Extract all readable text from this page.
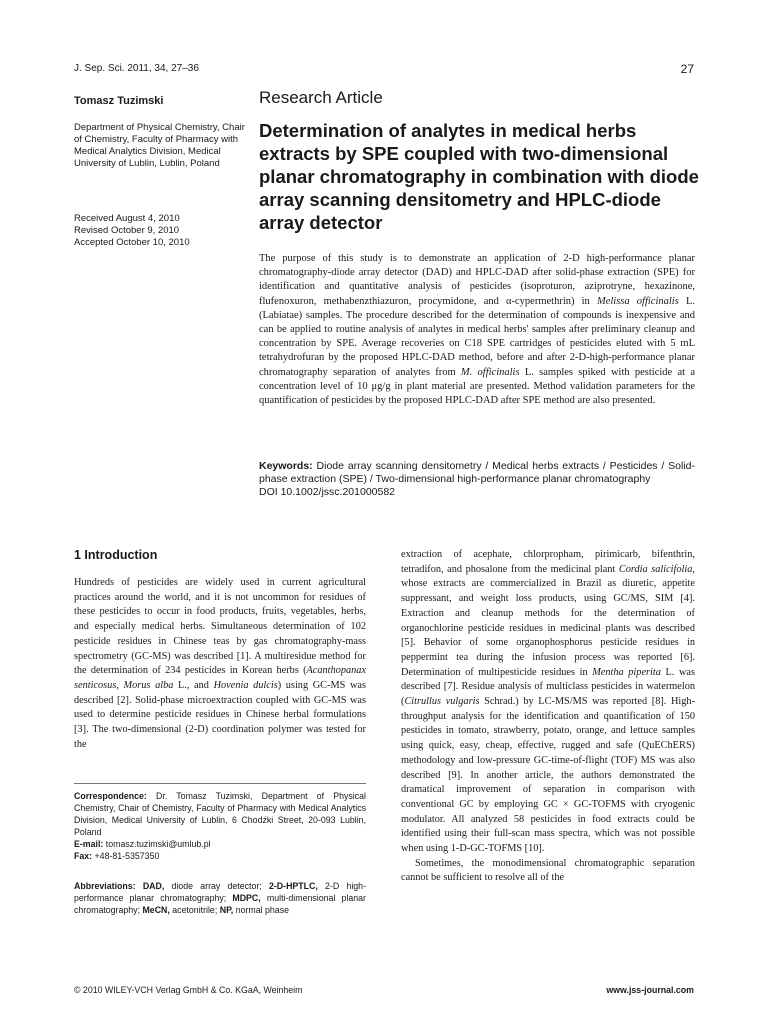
J. Sep. Sci. 2011, 34, 27–36	27
Tomasz Tuzimski
Department of Physical Chemistry, Chair of Chemistry, Faculty of Pharmacy with Medical Analytics Division, Medical University of Lublin, Lublin, Poland
Received August 4, 2010
Revised October 9, 2010
Accepted October 10, 2010
Research Article
Determination of analytes in medical herbs extracts by SPE coupled with two-dimensional planar chromatography in combination with diode array scanning densitometry and HPLC-diode array detector

The purpose of this study is to demonstrate an application of 2-D high-performance planar chromatography-diode array detector (DAD) and HPLC-DAD after solid-phase extraction (SPE) for identification and quantitative analysis of pesticides (isoproturon, aziprotryne, hexazinone, flufenoxuron, methabenzthiazuron, procymidone, and α-cypermethrin) in Melissa officinalis L. (Labiatae) samples. The procedure described for the determination of compounds is inexpensive and can be applied to routine analysis of analytes in medical herbs' samples after preliminary cleanup and concentration by SPE. Average recoveries on C18 SPE cartridges of pesticides eluted with 5 mL tetrahydrofuran by the proposed HPLC-DAD method, before and after 2-D-high-performance planar chromatography separation of analytes from M. officinalis L. samples spiked with pesticide at a concentration level of 10 μg/g in plant material are presented. Method validation parameters for the quantification of pesticides by the proposed HPLC-DAD after SPE method are also presented.

Keywords: Diode array scanning densitometry / Medical herbs extracts / Pesticides / Solid-phase extraction (SPE) / Two-dimensional high-performance planar chromatography
DOI 10.1002/jssc.201000582
1 Introduction

Hundreds of pesticides are widely used in current agricultural practices around the world, and it is not uncommon for residues of these pesticides to occur in food products, fruits, vegetables, herbs, and especially medical herbs. Simultaneous determination of 102 pesticide residues in Chinese teas by gas chromatography-mass spectrometry (GC-MS) was described [1]. A multiresidue method for the determination of 234 pesticides in Korean herbs (Acanthopanax senticosus, Morus alba L., and Hovenia dulcis) using GC-MS was described [2]. Solid-phase microextraction coupled with GC-MS was used to determine pesticide residues in Chinese herbal formulations [3]. The two-dimensional (2-D) coordination polymer was tested for the

extraction of acephate, chlorpropham, pirimicarb, bifenthrin, tetradifon, and phosalone from the medicinal plant Cordia salicifolia, whose extracts are commercialized in Brazil as diuretic, appetite suppressant, and weight loss products, using GC/MS, SIM [4]. Extraction and cleanup methods for the determination of organochlorine pesticide residues in medicinal plants was described [5]. Behavior of some organophosphorus pesticide residues in peppermint tea during the infusion process was reported [6]. Determination of multipesticide residues in Mentha piperita L. was described [7]. Residue analysis of multiclass pesticides in watermelon (Citrullus vulgaris Schrad.) by LC-MS/MS was reported [8]. High-throughput analysis for the identification and quantification of 150 pesticides in tomato, strawberry, potato, orange, and lettuce samples using quick, easy, cheap, effective, rugged and safe (QuEChERS) methodology and low-pressure GC-time-of-flight (TOF) MS was also described [9]. In another article, the authors demonstrated the dramatical improvement of separation in comparison with conventional GC by employing GC × GC-TOFMS with cryogenic modulator. All analyzed 58 pesticides in food extracts could be identified using their full-scan mass spectra, which was not possible when using 1-D-GC-TOFMS [10].

Sometimes, the monodimensional chromatographic separation cannot be sufficient to resolve all of the

Correspondence: Dr. Tomasz Tuzimski, Department of Physical Chemistry, Chair of Chemistry, Faculty of Pharmacy with Medical Analytics Division, Medical University of Lublin, 6 Chodźki Street, 20-093 Lublin, Poland
E-mail: tomasz.tuzimski@umlub.pl
Fax: +48-81-5357350
Abbreviations: DAD, diode array detector; 2-D-HPTLC, 2-D high-performance planar chromatography; MDPC, multi-dimensional planar chromatography; MeCN, acetonitrile; NP, normal phase
© 2010 WILEY-VCH Verlag GmbH & Co. KGaA, Weinheim	www.jss-journal.com
